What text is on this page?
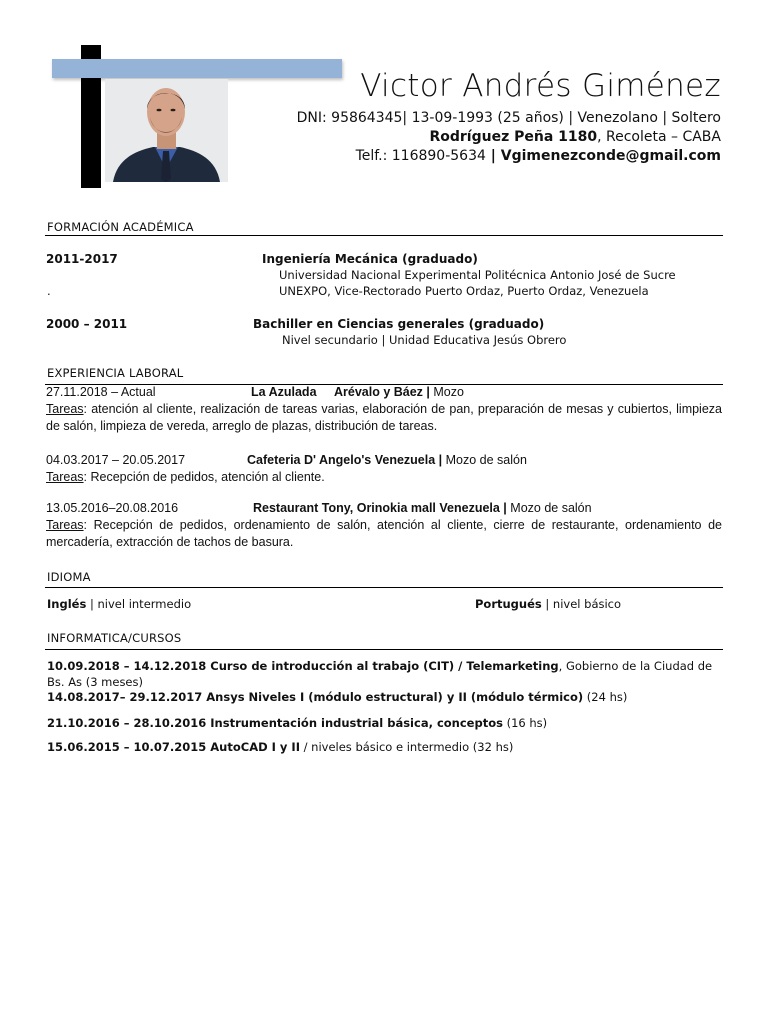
Victor Andrés Giménez
DNI: 95864345| 13-09-1993 (25 años) | Venezolano | Soltero
Rodríguez Peña 1180, Recoleta – CABA
Telf.: 116890-5634 | Vgimenezconde@gmail.com
FORMACIÓN ACADÉMICA
2011-2017	Ingeniería Mecánica (graduado)
Universidad Nacional Experimental Politécnica Antonio José de Sucre
.	UNEXPO, Vice-Rectorado Puerto Ordaz, Puerto Ordaz, Venezuela
2000 – 2011	Bachiller en Ciencias generales (graduado)
Nivel secundario | Unidad Educativa Jesús Obrero
EXPERIENCIA LABORAL
27.11.2018 – Actual	La Azulada Arévalo y Báez | Mozo
Tareas: atención al cliente, realización de tareas varias, elaboración de pan, preparación de mesas y cubiertos, limpieza de salón, limpieza de vereda, arreglo de plazas, distribución de tareas.
04.03.2017 – 20.05.2017	Cafeteria D' Angelo's Venezuela | Mozo de salón
Tareas: Recepción de pedidos, atención al cliente.
13.05.2016–20.08.2016	Restaurant Tony, Orinokia mall Venezuela | Mozo de salón
Tareas: Recepción de pedidos, ordenamiento de salón, atención al cliente, cierre de restaurante, ordenamiento de mercadería, extracción de tachos de basura.
IDIOMA
Inglés | nivel intermedio	Portugués | nivel básico
INFORMATICA/CURSOS
10.09.2018 – 14.12.2018 Curso de introducción al trabajo (CIT) / Telemarketing, Gobierno de la Ciudad de Bs. As (3 meses)
14.08.2017– 29.12.2017 Ansys Niveles I (módulo estructural) y II (módulo térmico) (24 hs)
21.10.2016 – 28.10.2016 Instrumentación industrial básica, conceptos (16 hs)
15.06.2015 – 10.07.2015 AutoCAD I y II / niveles básico e intermedio (32 hs)
